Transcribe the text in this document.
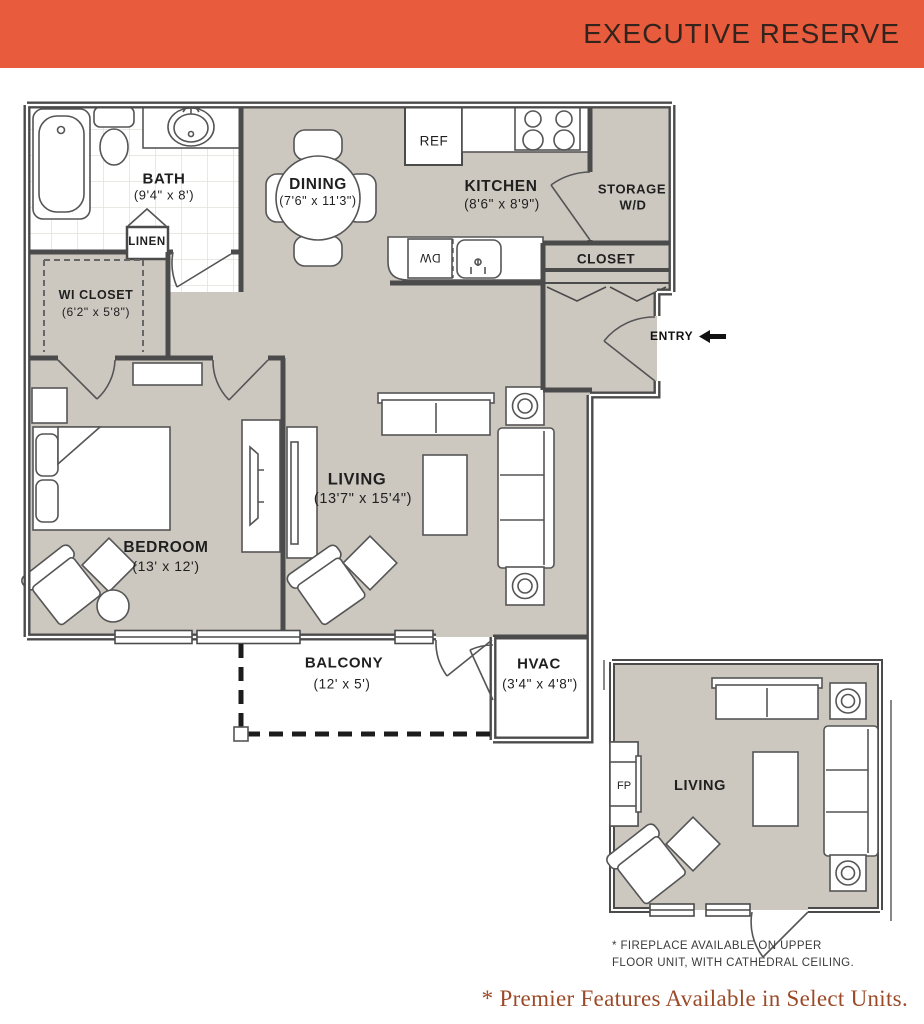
EXECUTIVE RESERVE
BATH
(9'4" x 8')
LINEN
DINING
(7'6" x 11'3")
REF
KITCHEN
(8'6" x 8'9")
STORAGE
W/D
DW	CLOSET
WI CLOSET
(6'2" x 5'8")
LIVING
(13'7" x 15'4")
BEDROOM
(13' x 12')
BALCONY
(12' x 5')
HVAC
(3'4" x 4'8")
LIVING
FP
ENTRY
* FIREPLACE AVAILABLE ON UPPER
FLOOR UNIT, WITH CATHEDRAL CEILING.
* Premier Features Available in Select Units.
